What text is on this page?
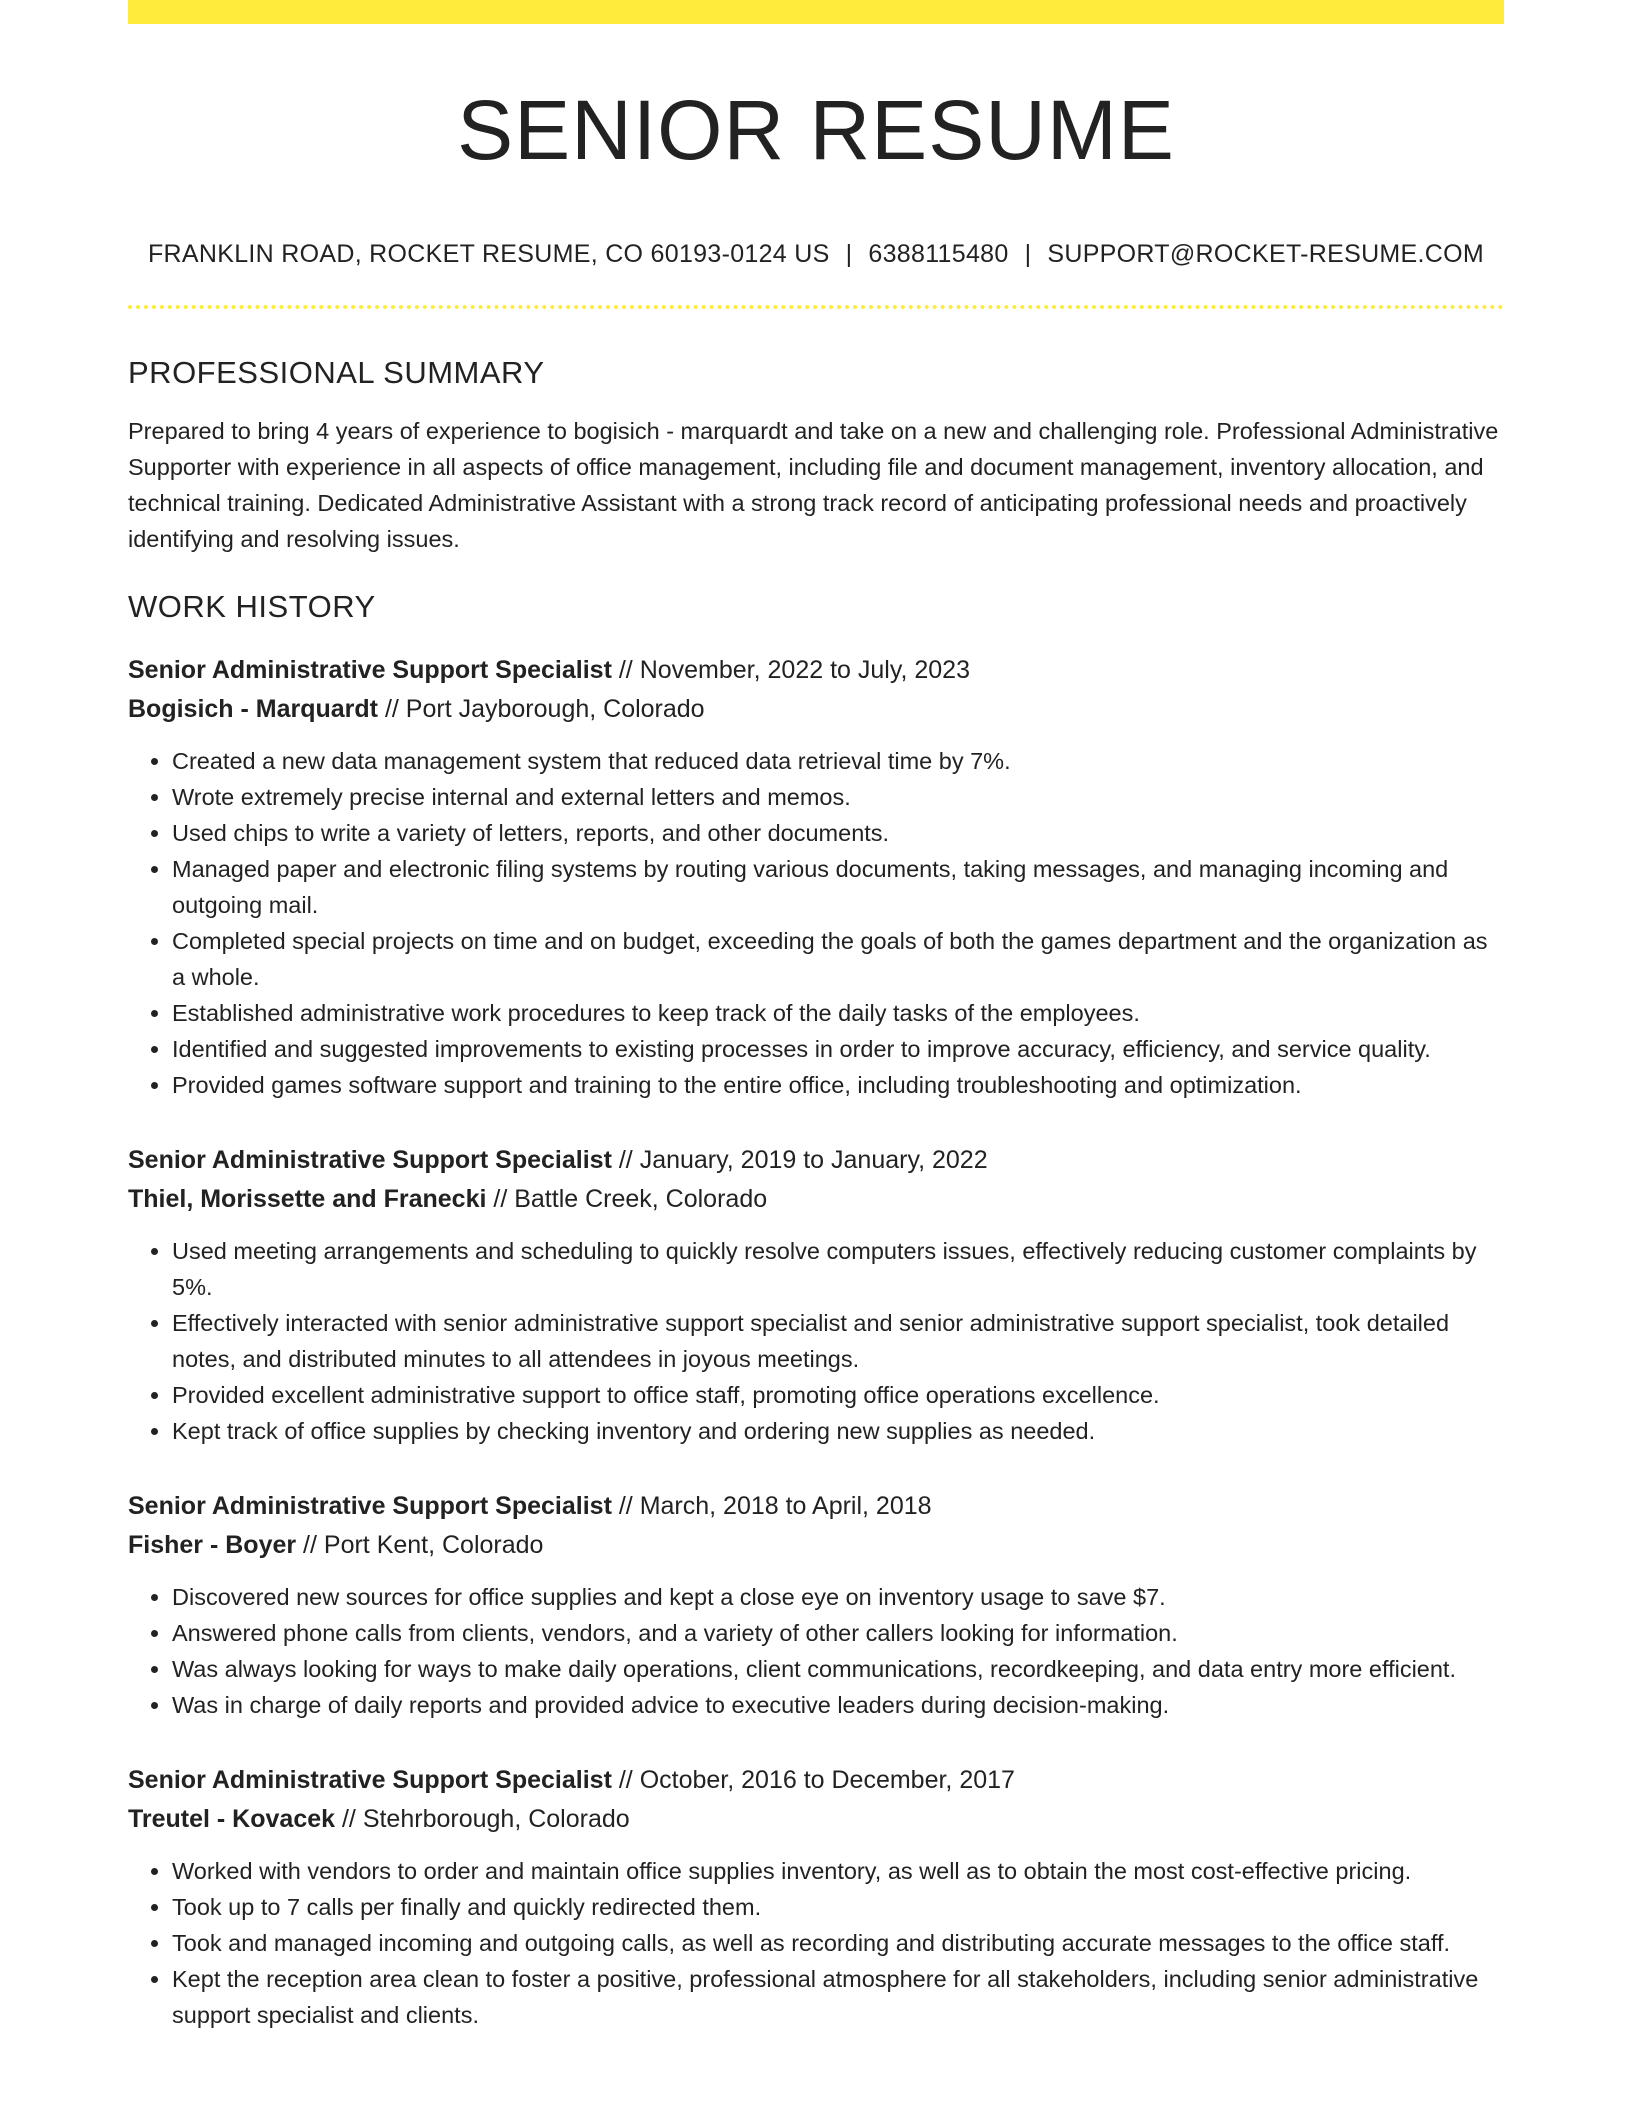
SENIOR RESUME
FRANKLIN ROAD, ROCKET RESUME, CO 60193-0124 US | 6388115480 | SUPPORT@ROCKET-RESUME.COM
PROFESSIONAL SUMMARY
Prepared to bring 4 years of experience to bogisich - marquardt and take on a new and challenging role. Professional Administrative Supporter with experience in all aspects of office management, including file and document management, inventory allocation, and technical training. Dedicated Administrative Assistant with a strong track record of anticipating professional needs and proactively identifying and resolving issues.
WORK HISTORY
Senior Administrative Support Specialist // November, 2022 to July, 2023
Bogisich - Marquardt // Port Jayborough, Colorado
• Created a new data management system that reduced data retrieval time by 7%.
• Wrote extremely precise internal and external letters and memos.
• Used chips to write a variety of letters, reports, and other documents.
• Managed paper and electronic filing systems by routing various documents, taking messages, and managing incoming and outgoing mail.
• Completed special projects on time and on budget, exceeding the goals of both the games department and the organization as a whole.
• Established administrative work procedures to keep track of the daily tasks of the employees.
• Identified and suggested improvements to existing processes in order to improve accuracy, efficiency, and service quality.
• Provided games software support and training to the entire office, including troubleshooting and optimization.
Senior Administrative Support Specialist // January, 2019 to January, 2022
Thiel, Morissette and Franecki // Battle Creek, Colorado
• Used meeting arrangements and scheduling to quickly resolve computers issues, effectively reducing customer complaints by 5%.
• Effectively interacted with senior administrative support specialist and senior administrative support specialist, took detailed notes, and distributed minutes to all attendees in joyous meetings.
• Provided excellent administrative support to office staff, promoting office operations excellence.
• Kept track of office supplies by checking inventory and ordering new supplies as needed.
Senior Administrative Support Specialist // March, 2018 to April, 2018
Fisher - Boyer // Port Kent, Colorado
• Discovered new sources for office supplies and kept a close eye on inventory usage to save $7.
• Answered phone calls from clients, vendors, and a variety of other callers looking for information.
• Was always looking for ways to make daily operations, client communications, recordkeeping, and data entry more efficient.
• Was in charge of daily reports and provided advice to executive leaders during decision-making.
Senior Administrative Support Specialist // October, 2016 to December, 2017
Treutel - Kovacek // Stehrborough, Colorado
• Worked with vendors to order and maintain office supplies inventory, as well as to obtain the most cost-effective pricing.
• Took up to 7 calls per finally and quickly redirected them.
• Took and managed incoming and outgoing calls, as well as recording and distributing accurate messages to the office staff.
• Kept the reception area clean to foster a positive, professional atmosphere for all stakeholders, including senior administrative support specialist and clients.
